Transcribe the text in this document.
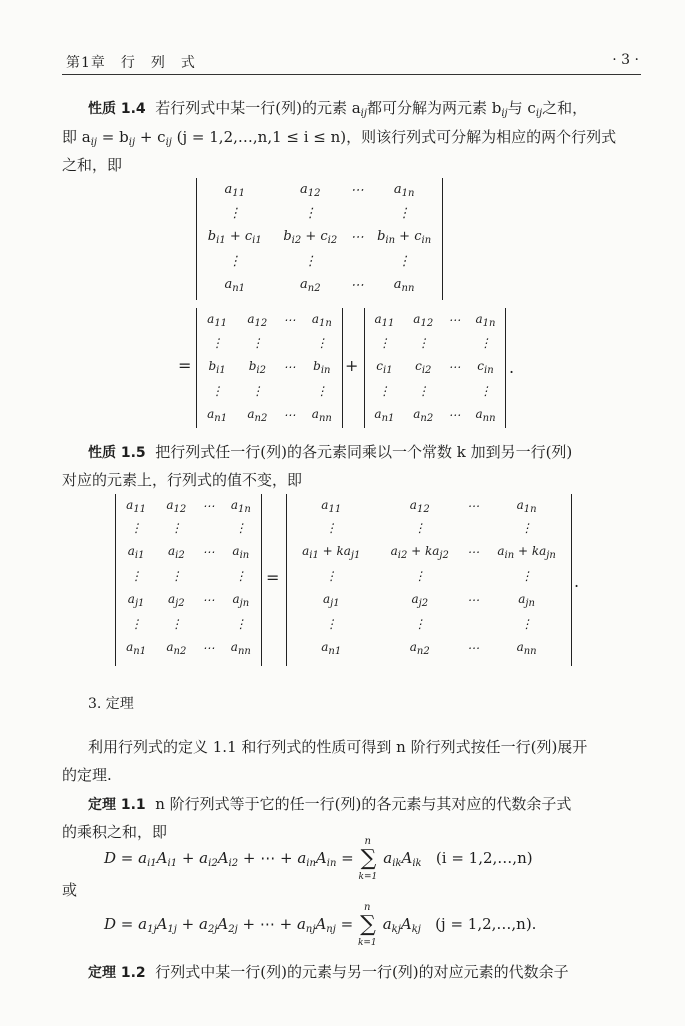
第1章　行　列　式	· 3 ·
性质 1.4 若行列式中某一行(列)的元素 $a_{ij}$都可分解为两元素 $b_{ij}$与 $c_{ij}$之和，
即 $a_{ij} = b_{ij} + c_{ij}$ (j = 1,2,…,n,1 ≤ i ≤ n)，则该行列式可分解为相应的两个行列式
之和，即
$a_{11}$	$a_{12}$	⋯	$a_{1n}$
⋮	⋮		⋮
$b_{i1} + c_{i1}$	$b_{i2} + c_{i2}$	⋯	$b_{in} + c_{in}$
⋮	⋮		⋮
$a_{n1}$	$a_{n2}$	⋯	$a_{nn}$
=
$a_{11}$	$a_{12}$	⋯	$a_{1n}$
⋮	⋮		⋮
$b_{i1}$	$b_{i2}$	⋯	$b_{in}$
⋮	⋮		⋮
$a_{n1}$	$a_{n2}$	⋯	$a_{nn}$
+
$a_{11}$	$a_{12}$	⋯	$a_{1n}$
⋮	⋮		⋮
$c_{i1}$	$c_{i2}$	⋯	$c_{in}$
⋮	⋮		⋮
$a_{n1}$	$a_{n2}$	⋯	$a_{nn}$
.
性质 1.5 把行列式任一行(列)的各元素同乘以一个常数 k 加到另一行(列)
对应的元素上，行列式的值不变，即
$a_{11}$	$a_{12}$	⋯	$a_{1n}$
⋮	⋮		⋮
$a_{i1}$	$a_{i2}$	⋯	$a_{in}$
⋮	⋮		⋮
$a_{j1}$	$a_{j2}$	⋯	$a_{jn}$
⋮	⋮		⋮
$a_{n1}$	$a_{n2}$	⋯	$a_{nn}$
=
$a_{11}$	$a_{12}$	⋯	$a_{1n}$
⋮	⋮		⋮
$a_{i1} + ka_{j1}$	$a_{i2} + ka_{j2}$	⋯	$a_{in} + ka_{jn}$
⋮	⋮		⋮
$a_{j1}$	$a_{j2}$	⋯	$a_{jn}$
⋮	⋮		⋮
$a_{n1}$	$a_{n2}$	⋯	$a_{nn}$
.
3. 定理
利用行列式的定义 1.1 和行列式的性质可得到 n 阶行列式按任一行(列)展开
的定理.
定理 1.1 n 阶行列式等于它的任一行(列)的各元素与其对应的代数余子式
的乘积之和，即
$D = a_{i1}A_{i1} + a_{i2}A_{i2}$ + ⋯ + $a_{in}A_{in}$ =
n
∑
k=1
$a_{ik}A_{ik}$ (i = 1,2,…,n)
或
$D = a_{1j}A_{1j} + a_{2j}A_{2j}$ + ⋯ + $a_{nj}A_{nj}$ =
n
∑
k=1
$a_{kj}A_{kj}$ (j = 1,2,…,n).
定理 1.2 行列式中某一行(列)的元素与另一行(列)的对应元素的代数余子
